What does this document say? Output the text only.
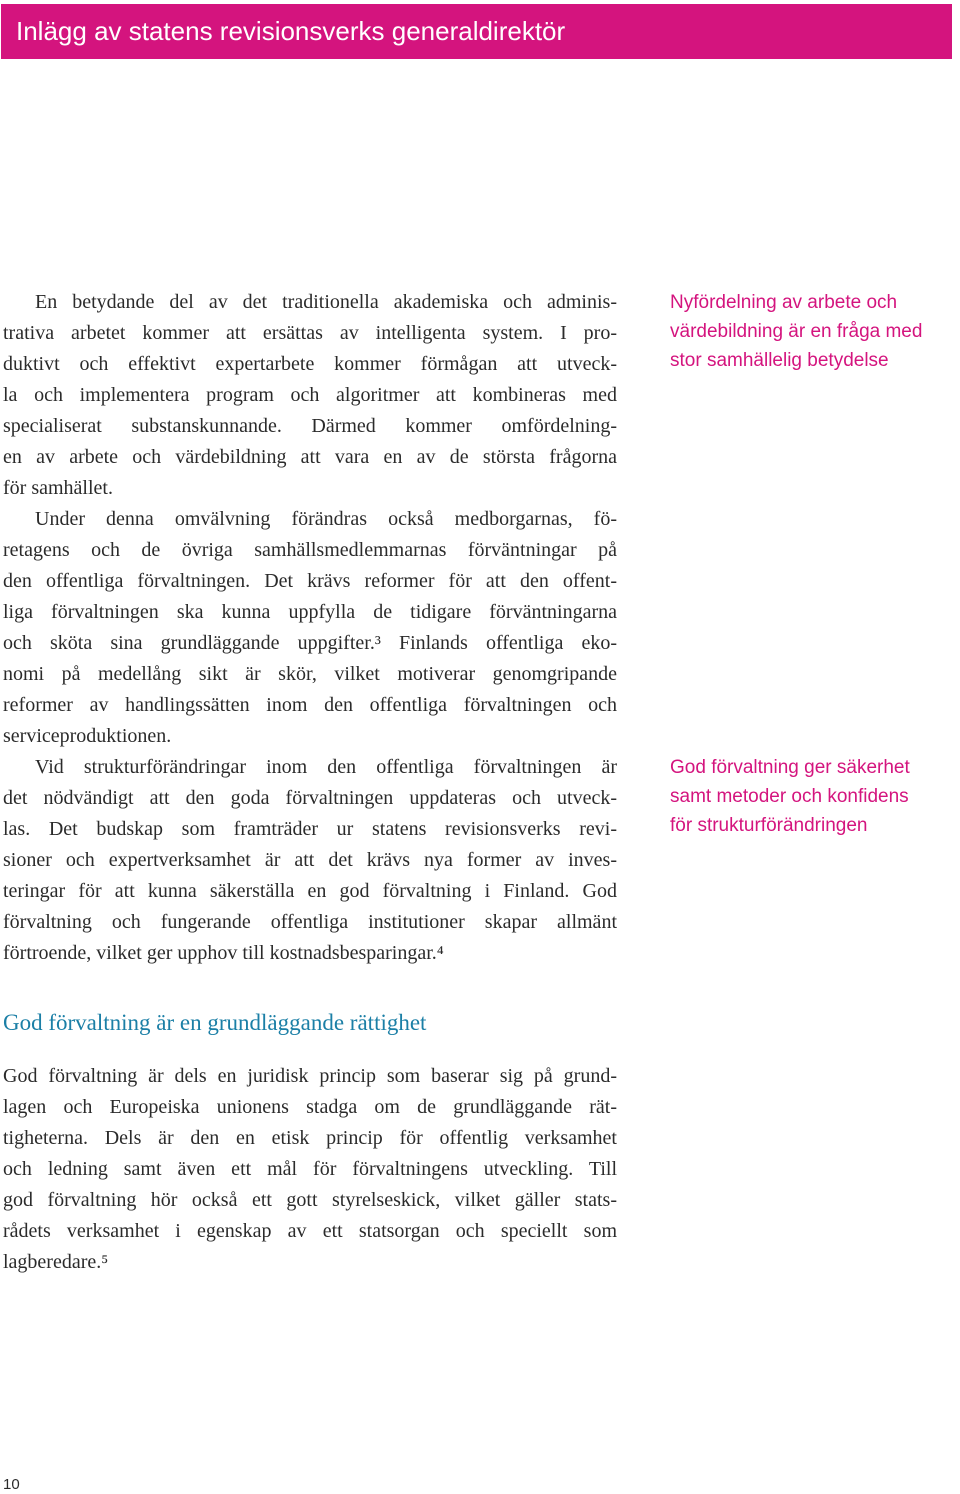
Inlägg av statens revisionsverks generaldirektör
En betydande del av det traditionella akademiska och adminis-
trativa arbetet kommer att ersättas av intelligenta system. I pro-
duktivt och effektivt expertarbete kommer förmågan att utveck-
la och implementera program och algoritmer att kombineras med
specialiserat substanskunnande. Därmed kommer omfördelning-
en av arbete och värdebildning att vara en av de största frågorna
för samhället.
Under denna omvälvning förändras också medborgarnas, fö-
retagens och de övriga samhällsmedlemmarnas förväntningar på
den offentliga förvaltningen. Det krävs reformer för att den offent-
liga förvaltningen ska kunna uppfylla de tidigare förväntningarna
och sköta sina grundläggande uppgifter.³ Finlands offentliga eko-
nomi på medellång sikt är skör, vilket motiverar genomgripande
reformer av handlingssätten inom den offentliga förvaltningen och
serviceproduktionen.
Vid strukturförändringar inom den offentliga förvaltningen är
det nödvändigt att den goda förvaltningen uppdateras och utveck-
las. Det budskap som framträder ur statens revisionsverks revi-
sioner och expertverksamhet är att det krävs nya former av inves-
teringar för att kunna säkerställa en god förvaltning i Finland. God
förvaltning och fungerande offentliga institutioner skapar allmänt
förtroende, vilket ger upphov till kostnadsbesparingar.⁴
God förvaltning är en grundläggande rättighet
God förvaltning är dels en juridisk princip som baserar sig på grund-
lagen och Europeiska unionens stadga om de grundläggande rät-
tigheterna. Dels är den en etisk princip för offentlig verksamhet
och ledning samt även ett mål för förvaltningens utveckling. Till
god förvaltning hör också ett gott styrelseskick, vilket gäller stats-
rådets verksamhet i egenskap av ett statsorgan och speciellt som
lagberedare.⁵
Nyfördelning av arbete och
värdebildning är en fråga med
stor samhällelig betydelse
God förvaltning ger säkerhet
samt metoder och konfidens
för strukturförändringen
10
